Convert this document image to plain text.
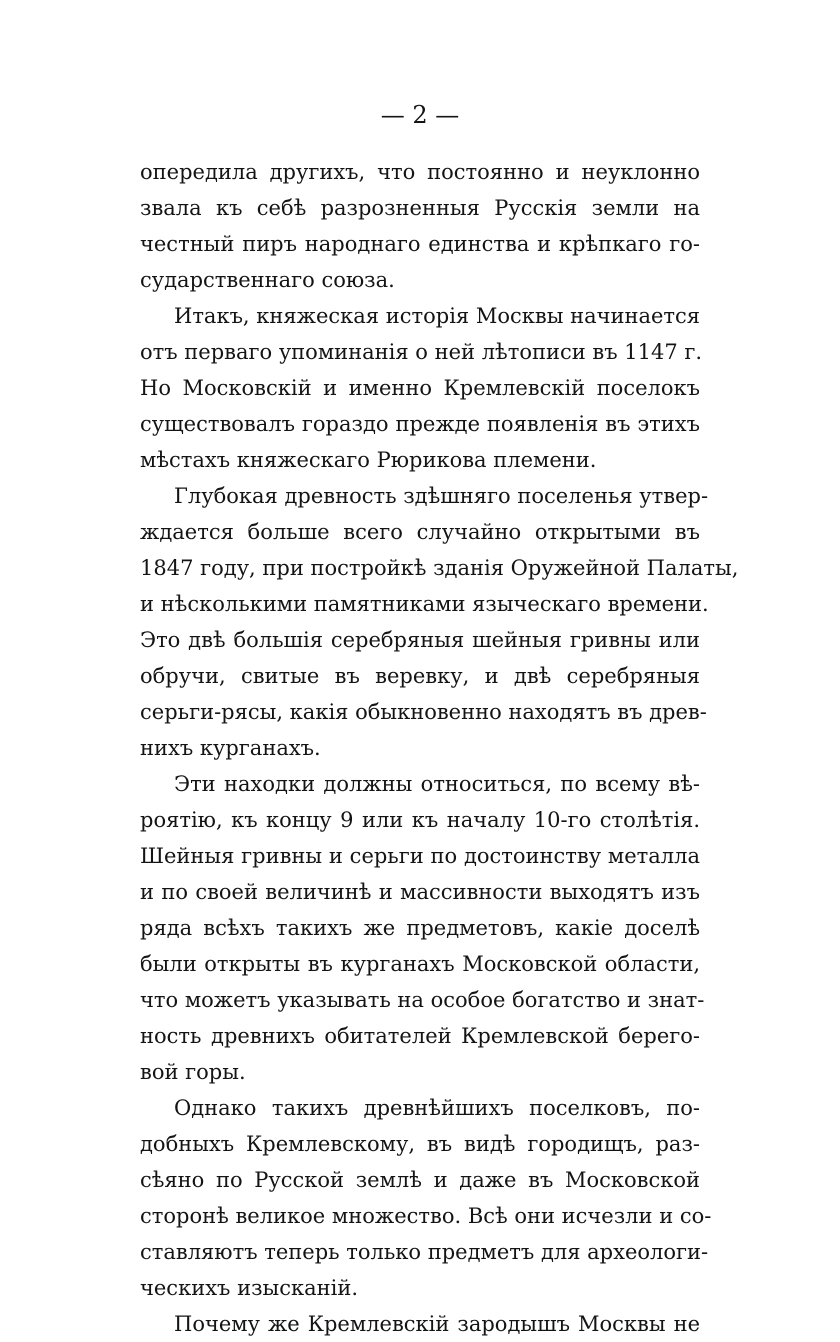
— 2 —
опередила другихъ, что постоянно и неуклонно
звала къ себѣ разрозненныя Русскія земли на
честный пиръ народнаго единства и крѣпкаго го-
сударственнаго союза.
Итакъ, княжеская исторія Москвы начинается
отъ перваго упоминанія о ней лѣтописи въ 1147 г.
Но Московскій и именно Кремлевскій поселокъ
существовалъ гораздо прежде появленія въ этихъ
мѣстахъ княжескаго Рюрикова племени.
Глубокая древность здѣшняго поселенья утвер-
ждается больше всего случайно открытыми въ
1847 году, при постройкѣ зданія Оружейной Палаты,
и нѣсколькими памятниками языческаго времени.
Это двѣ большія серебряныя шейныя гривны или
обручи, свитые въ веревку, и двѣ серебряныя
серьги-рясы, какія обыкновенно находятъ въ древ-
нихъ курганахъ.
Эти находки должны относиться, по всему вѣ-
роятію, къ концу 9 или къ началу 10-го столѣтія.
Шейныя гривны и серьги по достоинству металла
и по своей величинѣ и массивности выходятъ изъ
ряда всѣхъ такихъ же предметовъ, какіе доселѣ
были открыты въ курганахъ Московской области,
что можетъ указывать на особое богатство и знат-
ность древнихъ обитателей Кремлевской берего-
вой горы.
Однако такихъ древнѣйшихъ поселковъ, по-
добныхъ Кремлевскому, въ видѣ городищъ, раз-
сѣяно по Русской землѣ и даже въ Московской
сторонѣ великое множество. Всѣ они исчезли и со-
ставляютъ теперь только предметъ для археологи-
ческихъ изысканій.
Почему же Кремлевскій зародышъ Москвы не
